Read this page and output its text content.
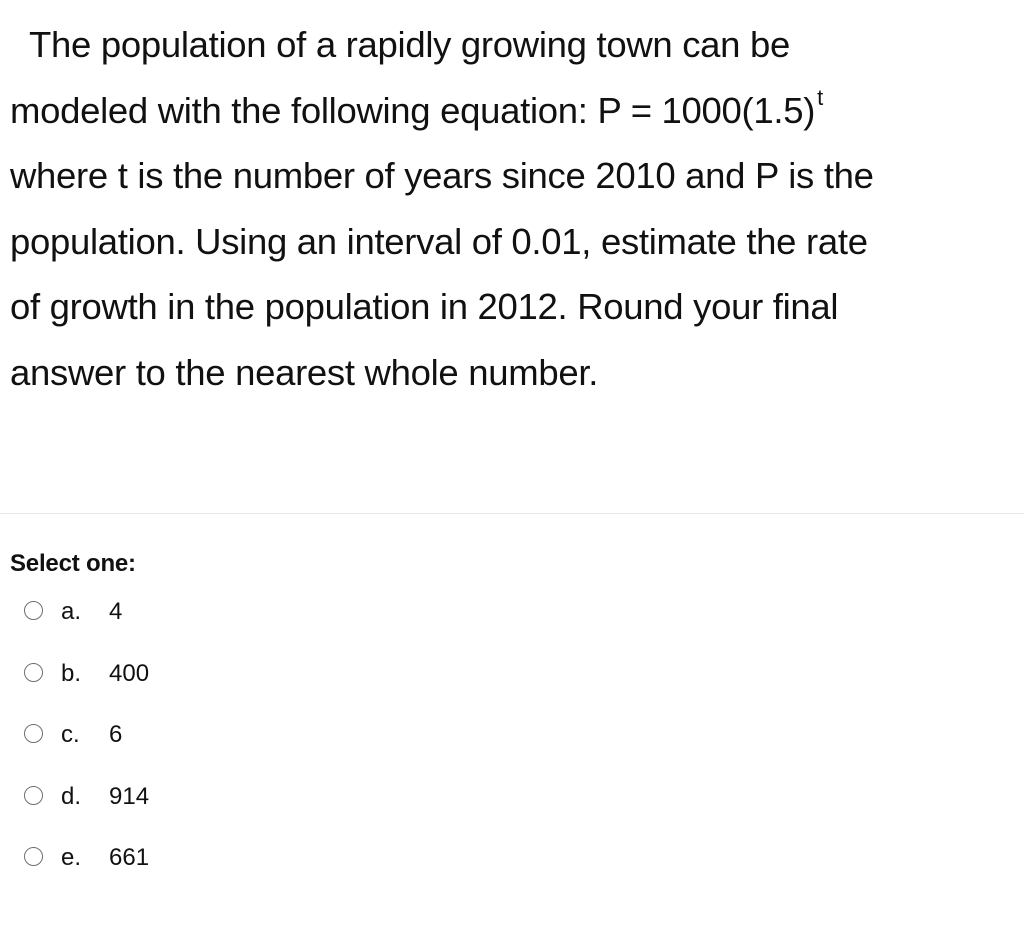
The population of a rapidly growing town can be
modeled with the following equation: $P = 1000(1.5)^t$
where t is the number of years since 2010 and P is the
population. Using an interval of 0.01, estimate the rate
of growth in the population in 2012. Round your final
answer to the nearest whole number.
Select one:
a. 4
b. 400
c. 6
d. 914
e. 661
